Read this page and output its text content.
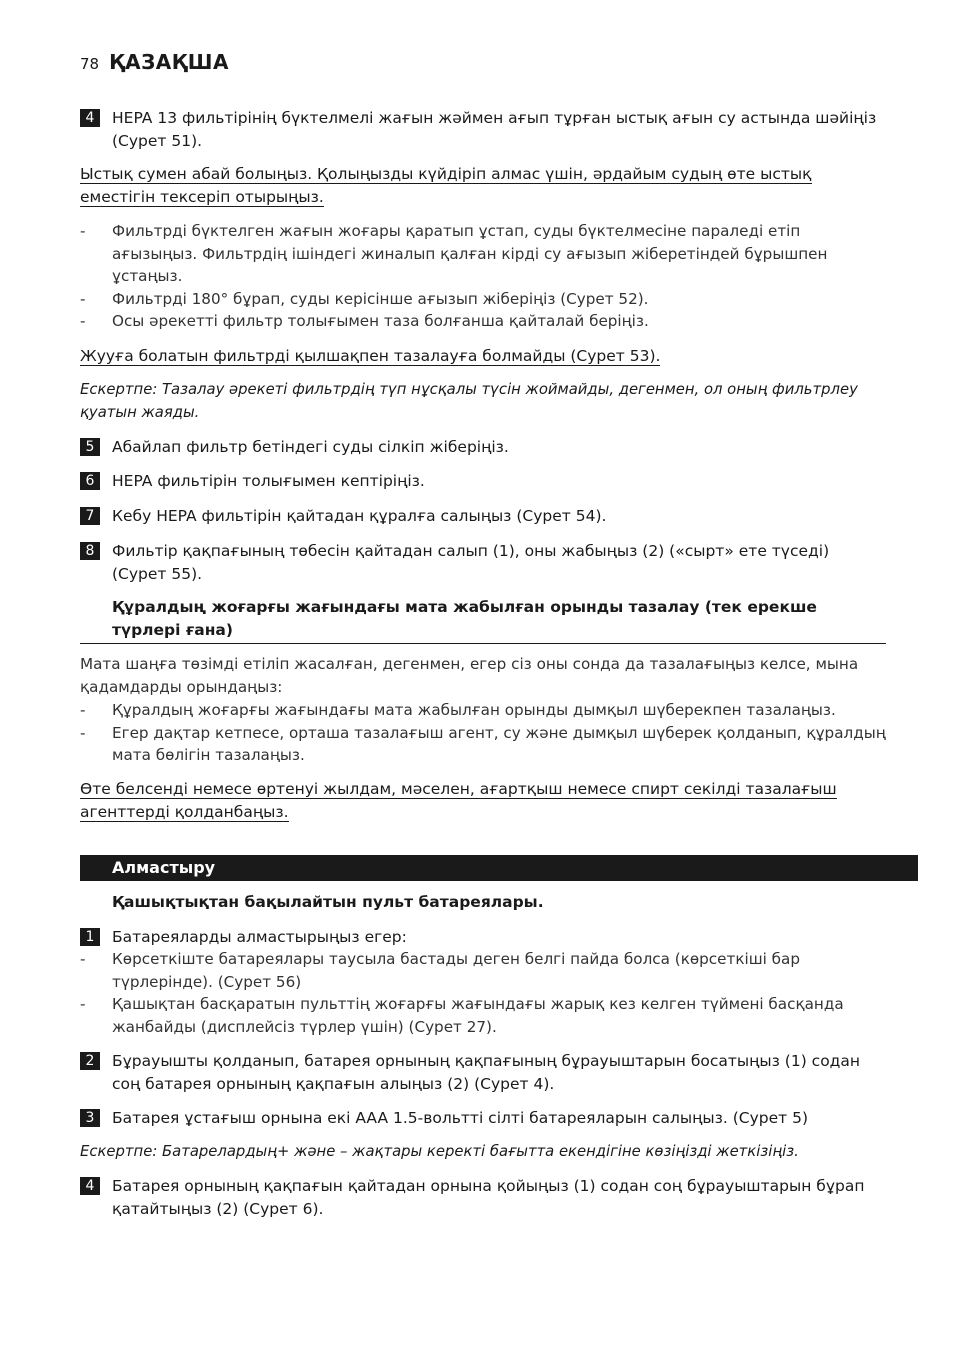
78 ҚАЗАҚША
4	HEPA 13 фильтірінің бүктелмелі жағын жәймен ағып тұрған ыстық ағын су астында шәйіңіз (Сурет 51).
Ыстық сумен абай болыңыз. Қолыңызды күйдіріп алмас үшін, әрдайым судың өте ыстық
еместігін тексеріп отырыңыз.
-	Фильтрді бүктелген жағын жоғары қаратып ұстап, суды бүктелмесіне параледі етіп ағызыңыз. Фильтрдің ішіндегі жиналып қалған кірді су ағызып жіберетіндей бұрышпен ұстаңыз.
-	Фильтрді 180° бұрап, суды керісінше ағызып жіберіңіз (Сурет 52).
-	Осы әрекетті фильтр толығымен таза болғанша қайталай беріңіз.
Жууға болатын фильтрді қылшақпен тазалауға болмайды (Сурет 53).
Ескертпе: Тазалау әрекеті фильтрдің түп нұсқалы түсін жоймайды, дегенмен, ол оның фильтрлеу қуатын жаяды.
5	Абайлап фильтр бетіндегі суды сілкіп жіберіңіз.
6	HEPA фильтірін толығымен кептіріңіз.
7	Кебу HEPA фильтірін қайтадан құралға салыңыз (Сурет 54).
8	Фильтір қақпағының төбесін қайтадан салып (1), оны жабыңыз (2) («сырт» ете түседі) (Сурет 55).
Құралдың жоғарғы жағындағы мата жабылған орынды тазалау (тек ерекше түрлері ғана)
Мата шаңға төзімді етіліп жасалған, дегенмен, егер сіз оны сонда да тазалағыңыз келсе, мына қадамдарды орындаңыз:
-	Құралдың жоғарғы жағындағы мата жабылған орынды дымқыл шүберекпен тазалаңыз.
-	Егер дақтар кетпесе, орташа тазалағыш агент, су және дымқыл шүберек қолданып, құралдың мата бөлігін тазалаңыз.
Өте белсенді немесе өртенуі жылдам, мәселен, ағартқыш немесе спирт секілді тазалағыш
агенттерді қолданбаңыз.
Алмастыру
Қашықтықтан бақылайтын пульт батареялары.
1	Батареяларды алмастырыңыз егер:
-	Көрсеткіште батареялары таусыла бастады деген белгі пайда болса (көрсеткіші бар түрлерінде). (Сурет 56)
-	Қашықтан басқаратын пульттің жоғарғы жағындағы жарық кез келген түймені басқанда жанбайды (дисплейсіз түрлер үшін) (Сурет 27).
2	Бұрауышты қолданып, батарея орнының қақпағының бұрауыштарын босатыңыз (1) содан соң батарея орнының қақпағын алыңыз (2) (Сурет 4).
3	Батарея ұстағыш орнына екі AAA 1.5-вольтті сілті батареяларын салыңыз. (Сурет 5)
Ескертпе: Батарелардың+ және – жақтары керекті бағытта екендігіне көзіңізді жеткізіңіз.
4	Батарея орнының қақпағын қайтадан орнына қойыңыз (1) содан соң бұрауыштарын бұрап қатайтыңыз (2) (Сурет 6).
